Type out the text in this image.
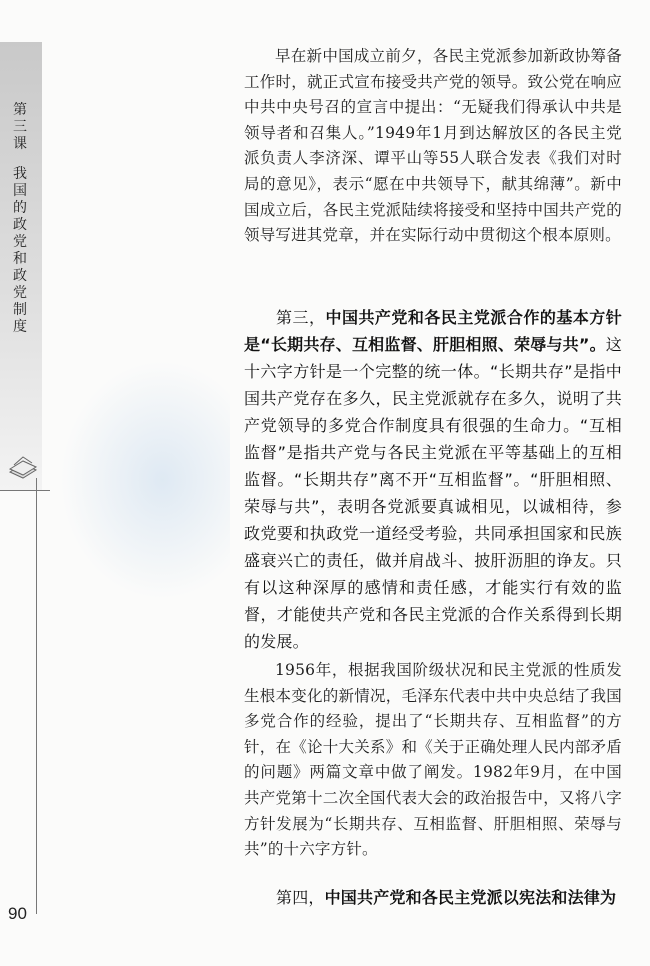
第三课
我国的政党和政党制度
90

早在新中国成立前夕，各民主党派参加新政协筹备工作时，就正式宣布接受共产党的领导。致公党在响应中共中央号召的宣言中提出：“无疑我们得承认中共是领导者和召集人。”1949年1月到达解放区的各民主党派负责人李济深、谭平山等55人联合发表《我们对时局的意见》，表示“愿在中共领导下，献其绵薄”。新中国成立后，各民主党派陆续将接受和坚持中国共产党的领导写进其党章，并在实际行动中贯彻这个根本原则。

第三，中国共产党和各民主党派合作的基本方针是“长期共存、互相监督、肝胆相照、荣辱与共”。这十六字方针是一个完整的统一体。“长期共存”是指中国共产党存在多久，民主党派就存在多久，说明了共产党领导的多党合作制度具有很强的生命力。“互相监督”是指共产党与各民主党派在平等基础上的互相监督。“长期共存”离不开“互相监督”。“肝胆相照、荣辱与共”，表明各党派要真诚相见，以诚相待，参政党要和执政党一道经受考验，共同承担国家和民族盛衰兴亡的责任，做并肩战斗、披肝沥胆的诤友。只有以这种深厚的感情和责任感，才能实行有效的监督，才能使共产党和各民主党派的合作关系得到长期的发展。

1956年，根据我国阶级状况和民主党派的性质发生根本变化的新情况，毛泽东代表中共中央总结了我国多党合作的经验，提出了“长期共存、互相监督”的方针，在《论十大关系》和《关于正确处理人民内部矛盾的问题》两篇文章中做了阐发。1982年9月，在中国共产党第十二次全国代表大会的政治报告中，又将八字方针发展为“长期共存、互相监督、肝胆相照、荣辱与共”的十六字方针。

第四，中国共产党和各民主党派以宪法和法律为
